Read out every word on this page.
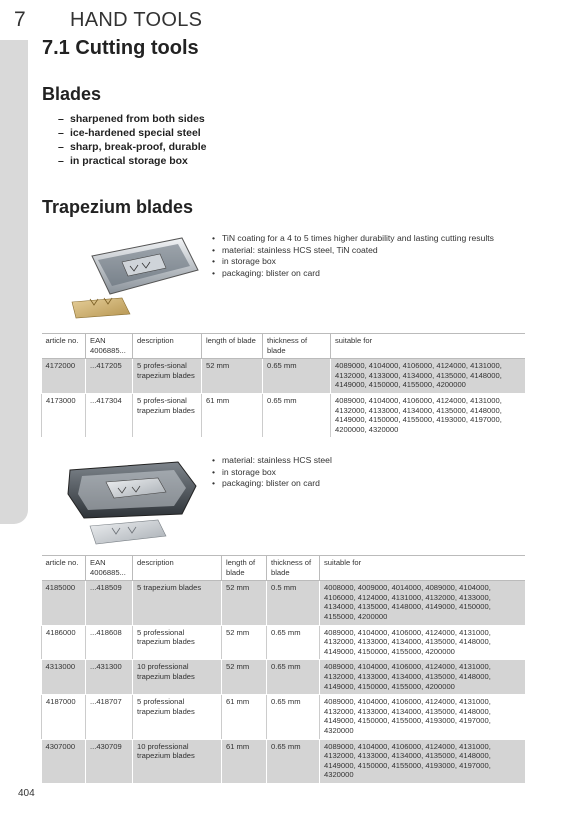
7 HAND TOOLS
7.1 Cutting tools
Blades
– sharpened from both sides
– ice-hardened special steel
– sharp, break-proof, durable
– in practical storage box
Trapezium blades
• TiN coating for a 4 to 5 times higher durability and lasting cutting results
• material: stainless HCS steel, TiN coated
• in storage box
• packaging: blister on card
article no.	EAN 4006885...	description	length of blade	thickness of blade	suitable for
4172000	...417205	5 profes-sional trapezium blades	52 mm	0.65 mm	4089000, 4104000, 4106000, 4124000, 4131000, 4132000, 4133000, 4134000, 4135000, 4148000, 4149000, 4150000, 4155000, 4200000
4173000	...417304	5 profes-sional trapezium blades	61 mm	0.65 mm	4089000, 4104000, 4106000, 4124000, 4131000, 4132000, 4133000, 4134000, 4135000, 4148000, 4149000, 4150000, 4155000, 4193000, 4197000, 4200000, 4320000
• material: stainless HCS steel
• in storage box
• packaging: blister on card
article no.	EAN 4006885...	description	length of blade	thickness of blade	suitable for
4185000	...418509	5 trapezium blades	52 mm	0.5 mm	4008000, 4009000, 4014000, 4089000, 4104000, 4106000, 4124000, 4131000, 4132000, 4133000, 4134000, 4135000, 4148000, 4149000, 4150000, 4155000, 4200000
4186000	...418608	5 professional trapezium blades	52 mm	0.65 mm	4089000, 4104000, 4106000, 4124000, 4131000, 4132000, 4133000, 4134000, 4135000, 4148000, 4149000, 4150000, 4155000, 4200000
4313000	...431300	10 professional trapezium blades	52 mm	0.65 mm	4089000, 4104000, 4106000, 4124000, 4131000, 4132000, 4133000, 4134000, 4135000, 4148000, 4149000, 4150000, 4155000, 4200000
4187000	...418707	5 professional trapezium blades	61 mm	0.65 mm	4089000, 4104000, 4106000, 4124000, 4131000, 4132000, 4133000, 4134000, 4135000, 4148000, 4149000, 4150000, 4155000, 4193000, 4197000, 4320000
4307000	...430709	10 professional trapezium blades	61 mm	0.65 mm	4089000, 4104000, 4106000, 4124000, 4131000, 4132000, 4133000, 4134000, 4135000, 4148000, 4149000, 4150000, 4155000, 4193000, 4197000, 4320000
404
